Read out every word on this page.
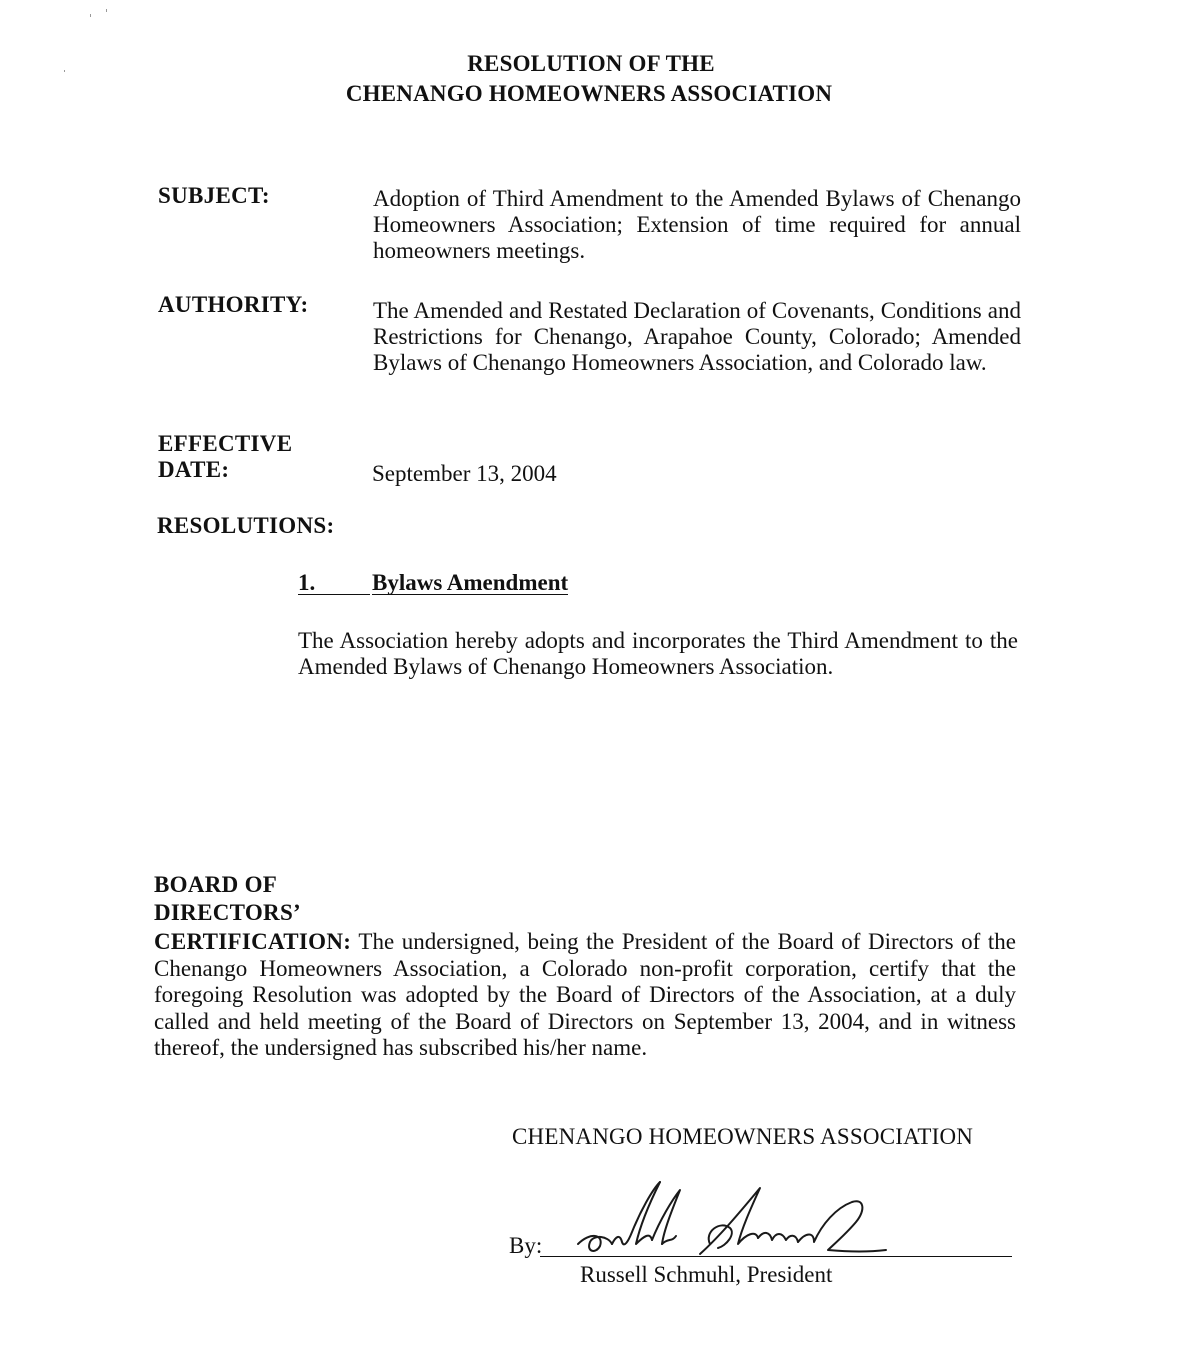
RESOLUTION OF THE
CHENANGO HOMEOWNERS ASSOCIATION
SUBJECT:	Adoption of Third Amendment to the Amended Bylaws of Chenango Homeowners Association; Extension of time required for annual homeowners meetings.
AUTHORITY:	The Amended and Restated Declaration of Covenants, Conditions and Restrictions for Chenango, Arapahoe County, Colorado; Amended Bylaws of Chenango Homeowners Association, and Colorado law.
EFFECTIVE
DATE:	September 13, 2004
RESOLUTIONS:
1.	Bylaws Amendment
The Association hereby adopts and incorporates the Third Amendment to the Amended Bylaws of Chenango Homeowners Association.
BOARD OF
DIRECTORS’
CERTIFICATION: The undersigned, being the President of the Board of Directors of the Chenango Homeowners Association, a Colorado non-profit corporation, certify that the foregoing Resolution was adopted by the Board of Directors of the Association, at a duly called and held meeting of the Board of Directors on September 13, 2004, and in witness thereof, the undersigned has subscribed his/her name.
CHENANGO HOMEOWNERS ASSOCIATION
By:
Russell Schmuhl, President
